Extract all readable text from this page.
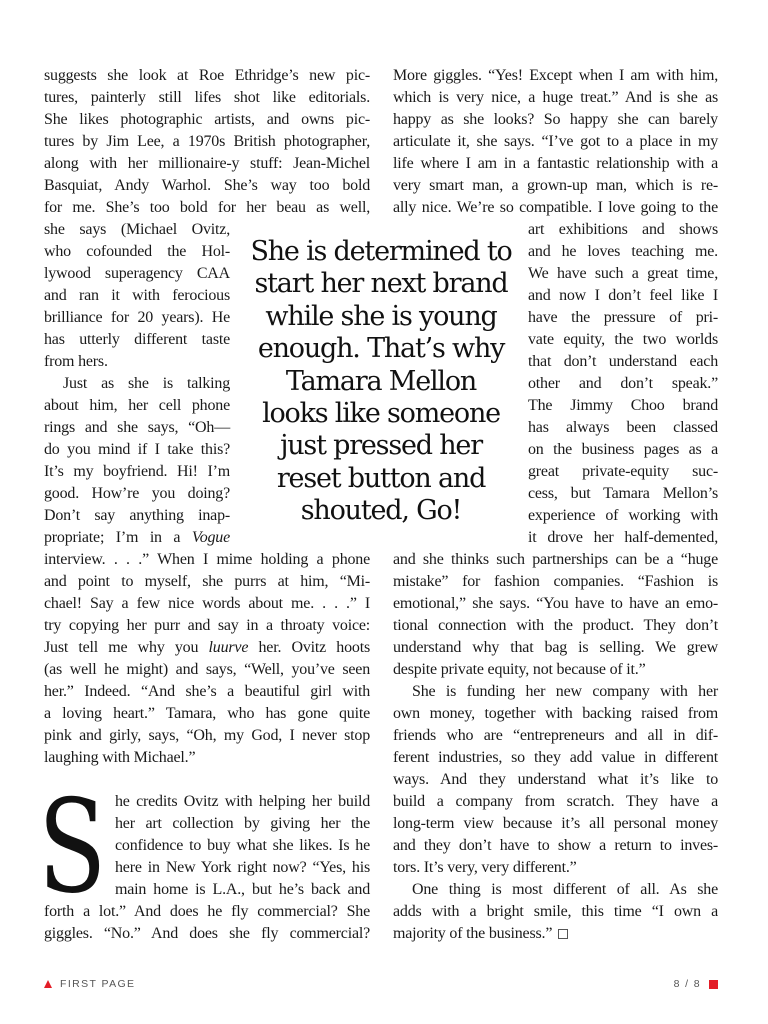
suggests she look at Roe Ethridge’s new pic-
tures, painterly still lifes shot like editorials.
She likes photographic artists, and owns pic-
tures by Jim Lee, a 1970s British photographer,
along with her millionaire-y stuff: Jean-Michel
Basquiat, Andy Warhol. She’s way too bold
for me. She’s too bold for her beau as well,
she says (Michael Ovitz,
who cofounded the Hol-
lywood superagency CAA
and ran it with ferocious
brilliance for 20 years). He
has utterly different taste
from hers.
Just as she is talking
about him, her cell phone
rings and she says, “Oh—
do you mind if I take this?
It’s my boyfriend. Hi! I’m
good. How’re you doing?
Don’t say anything inap-
propriate; I’m in a Vogue
interview. . . .” When I mime holding a phone
and point to myself, she purrs at him, “Mi-
chael! Say a few nice words about me. . . .” I
try copying her purr and say in a throaty voice:
Just tell me why you luurve her. Ovitz hoots
(as well he might) and says, “Well, you’ve seen
her.” Indeed. “And she’s a beautiful girl with
a loving heart.” Tamara, who has gone quite
pink and girly, says, “Oh, my God, I never stop
laughing with Michael.”
S he credits Ovitz with helping her build
her art collection by giving her the
confidence to buy what she likes. Is he
here in New York right now? “Yes, his
main home is L.A., but he’s back and
forth a lot.” And does he fly commercial? She
giggles. “No.” And does she fly commercial?
She is determined to
start her next brand
while she is young
enough. That’s why
Tamara Mellon
looks like someone
just pressed her
reset button and
shouted, Go!
More giggles. “Yes! Except when I am with him,
which is very nice, a huge treat.” And is she as
happy as she looks? So happy she can barely
articulate it, she says. “I’ve got to a place in my
life where I am in a fantastic relationship with a
very smart man, a grown-up man, which is re-
ally nice. We’re so compatible. I love going to the
art exhibitions and shows
and he loves teaching me.
We have such a great time,
and now I don’t feel like I
have the pressure of pri-
vate equity, the two worlds
that don’t understand each
other and don’t speak.”
The Jimmy Choo brand
has always been classed
on the business pages as a
great private-equity suc-
cess, but Tamara Mellon’s
experience of working with
it drove her half-demented,
and she thinks such partnerships can be a “huge
mistake” for fashion companies. “Fashion is
emotional,” she says. “You have to have an emo-
tional connection with the product. They don’t
understand why that bag is selling. We grew
despite private equity, not because of it.”
She is funding her new company with her
own money, together with backing raised from
friends who are “entrepreneurs and all in dif-
ferent industries, so they add value in different
ways. And they understand what it’s like to
build a company from scratch. They have a
long-term view because it’s all personal money
and they don’t have to show a return to inves-
tors. It’s very, very different.”
One thing is most different of all. As she
adds with a bright smile, this time “I own a
majority of the business.”
FIRST PAGE	8 / 8
